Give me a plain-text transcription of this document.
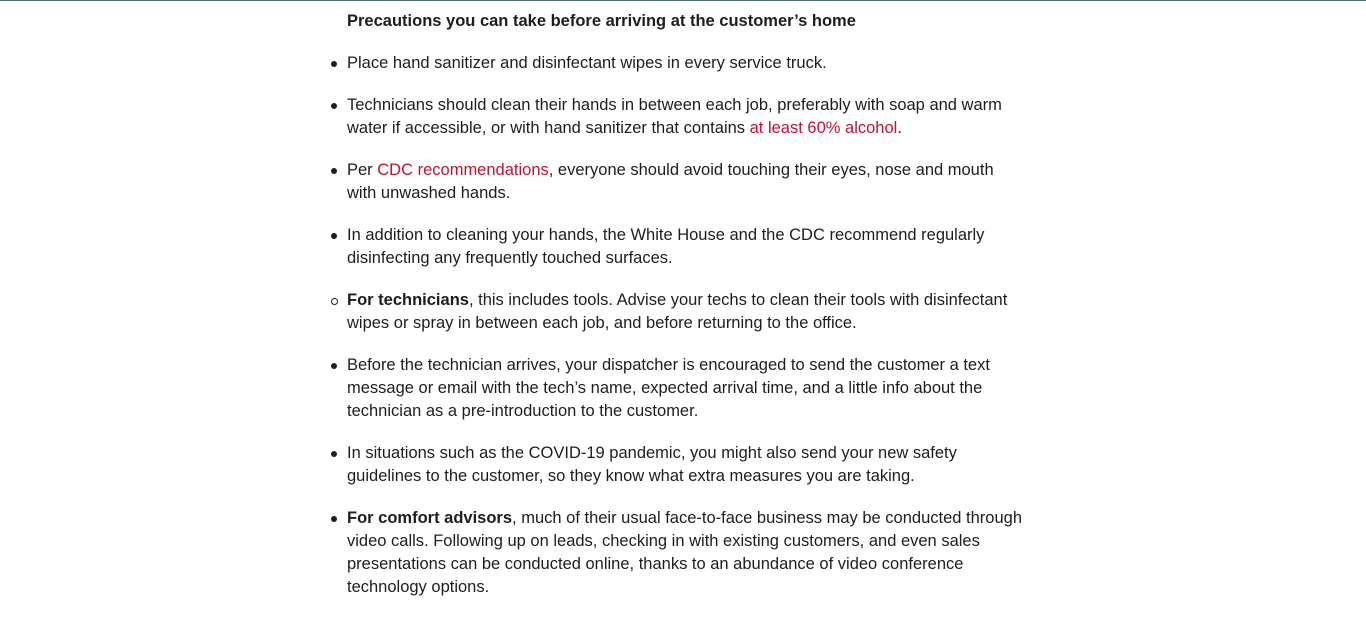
Precautions you can take before arriving at the customer’s home
Place hand sanitizer and disinfectant wipes in every service truck.
Technicians should clean their hands in between each job, preferably with soap and warm water if accessible, or with hand sanitizer that contains at least 60% alcohol.
Per CDC recommendations, everyone should avoid touching their eyes, nose and mouth with unwashed hands.
In addition to cleaning your hands, the White House and the CDC recommend regularly disinfecting any frequently touched surfaces.
For technicians, this includes tools. Advise your techs to clean their tools with disinfectant wipes or spray in between each job, and before returning to the office.
Before the technician arrives, your dispatcher is encouraged to send the customer a text message or email with the tech’s name, expected arrival time, and a little info about the technician as a pre-introduction to the customer.
In situations such as the COVID-19 pandemic, you might also send your new safety guidelines to the customer, so they know what extra measures you are taking.
For comfort advisors, much of their usual face-to-face business may be conducted through video calls. Following up on leads, checking in with existing customers, and even sales presentations can be conducted online, thanks to an abundance of video conference technology options.
